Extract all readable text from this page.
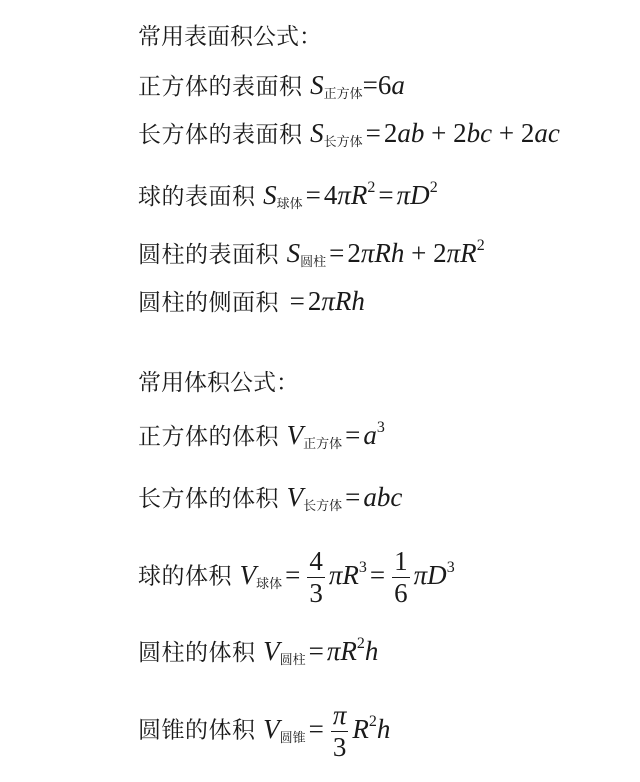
常用表面积公式：
正方体的表面积 $S_{正方体}=6a$
长方体的表面积 $S_{长方体} = 2ab + 2bc + 2ac$
球的表面积 $S_{球体} = 4\pi R^2 = \pi D^2$
圆柱的表面积 $S_{圆柱} = 2\pi Rh + 2\pi R^2$
圆柱的侧面积 = 2πRh
常用体积公式：
正方体的体积 $V_{正方体} = a^3$
长方体的体积 $V_{长方体}$ = abc
球的体积 $V_{球体} = \frac{4}{3} \pi R^3 = \frac{1}{6} \pi D^3$
圆柱的体积 $V_{圆柱} = \pi R^2h$
圆锥的体积 $V_{圆锥} = \frac{\pi}{3} R^2h$
